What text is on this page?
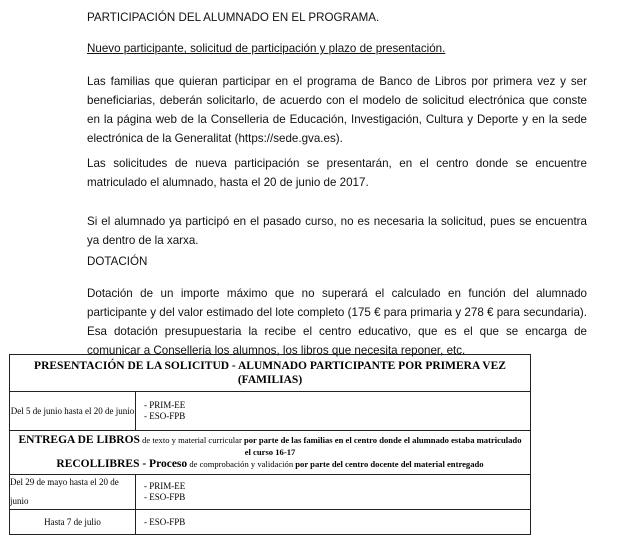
PARTICIPACIÓN DEL ALUMNADO EN EL PROGRAMA.

Nuevo participante, solicitud de participación y plazo de presentación.

Las familias que quieran participar en el programa de Banco de Libros por primera vez y ser beneficiarias, deberán solicitarlo, de acuerdo con el modelo de solicitud electrónica que conste en la página web de la Conselleria de Educación, Investigación, Cultura y Deporte y en la sede electrónica de la Generalitat (https://sede.gva.es).

Las solicitudes de nueva participación se presentarán, en el centro donde se encuentre matriculado el alumnado, hasta el 20 de junio de 2017.

Si el alumnado ya participó en el pasado curso, no es necesaria la solicitud, pues se encuentra ya dentro de la xarxa.

DOTACIÓN

Dotación de un importe máximo que no superará el calculado en función del alumnado participante y del valor estimado del lote completo (175 € para primaria y 278 € para secundaria). Esa dotación presupuestaria la recibe el centro educativo, que es el que se encarga de comunicar a Conselleria los alumnos, los libros que necesita reponer, etc.

PRESENTACIÓN DE LA SOLICITUD - ALUMNADO PARTICIPANTE POR PRIMERA VEZ (FAMILIAS)
Del 5 de junio hasta el 20 de junio
- PRIM-EE
- ESO-FPB
ENTREGA DE LIBROS de texto y material curricular por parte de las familias en el centro donde el alumnado estaba matriculado
el curso 16-17
RECOLLIBRES - Proceso de comprobación y validación por parte del centro docente del material entregado
Del 29 de mayo hasta el 20 de junio
- PRIM-EE
- ESO-FPB
Hasta 7 de julio	- ESO-FPB
